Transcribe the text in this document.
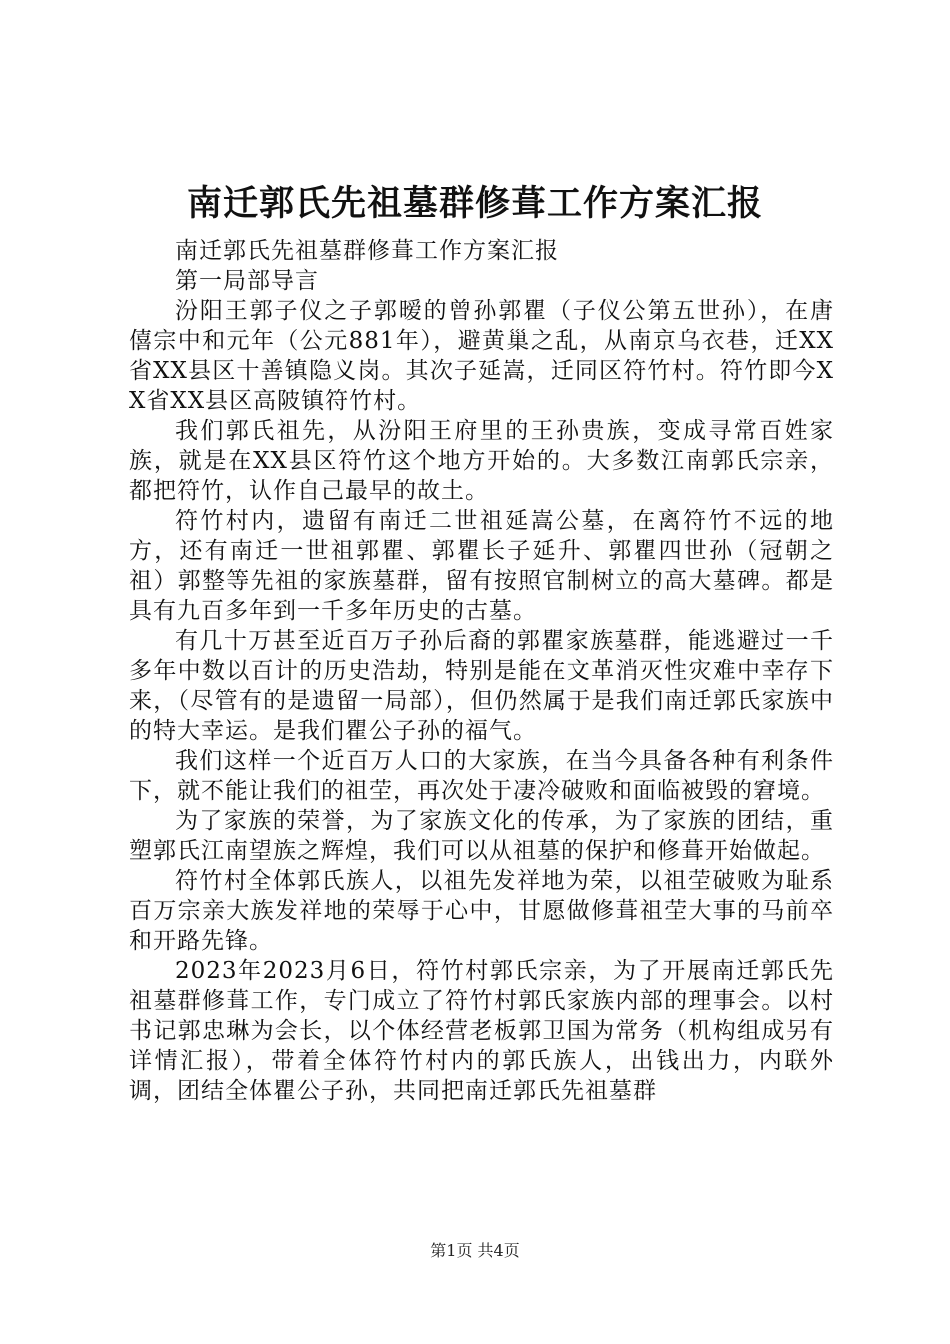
南迁郭氏先祖墓群修葺工作方案汇报

南迁郭氏先祖墓群修葺工作方案汇报

第一局部导言

汾阳王郭子仪之子郭暧的曾孙郭瞿（子仪公第五世孙），在唐僖宗中和元年（公元881年），避黄巢之乱，从南京乌衣巷，迁XX省XX县区十善镇隐义岗。其次子延嵩，迁同区符竹村。符竹即今XX省XX县区高陂镇符竹村。

我们郭氏祖先，从汾阳王府里的王孙贵族，变成寻常百姓家族，就是在XX县区符竹这个地方开始的。大多数江南郭氏宗亲，都把符竹，认作自己最早的故土。

符竹村内，遗留有南迁二世祖延嵩公墓，在离符竹不远的地方，还有南迁一世祖郭瞿、郭瞿长子延升、郭瞿四世孙（冠朝之祖）郭整等先祖的家族墓群，留有按照官制树立的高大墓碑。都是具有九百多年到一千多年历史的古墓。

有几十万甚至近百万子孙后裔的郭瞿家族墓群，能逃避过一千多年中数以百计的历史浩劫，特别是能在文革消灭性灾难中幸存下来，（尽管有的是遗留一局部），但仍然属于是我们南迁郭氏家族中的特大幸运。是我们瞿公子孙的福气。

我们这样一个近百万人口的大家族，在当今具备各种有利条件下，就不能让我们的祖茔，再次处于凄冷破败和面临被毁的窘境。

为了家族的荣誉，为了家族文化的传承，为了家族的团结，重塑郭氏江南望族之辉煌，我们可以从祖墓的保护和修葺开始做起。

符竹村全体郭氏族人，以祖先发祥地为荣，以祖茔破败为耻系百万宗亲大族发祥地的荣辱于心中，甘愿做修葺祖茔大事的马前卒和开路先锋。

2023年2023月6日，符竹村郭氏宗亲，为了开展南迁郭氏先祖墓群修葺工作，专门成立了符竹村郭氏家族内部的理事会。以村书记郭忠琳为会长，以个体经营老板郭卫国为常务（机构组成另有详情汇报），带着全体符竹村内的郭氏族人，出钱出力，内联外调，团结全体瞿公子孙，共同把南迁郭氏先祖墓群

第1页 共4页
